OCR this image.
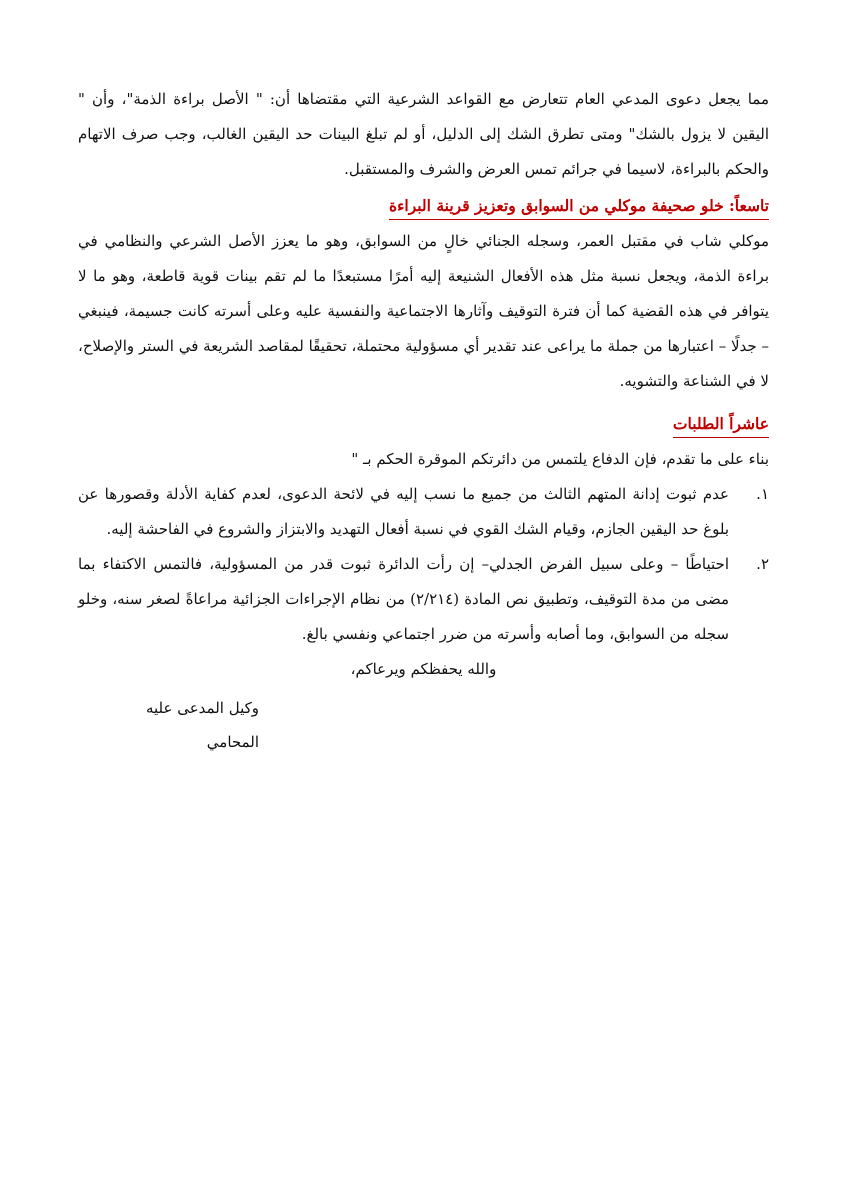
مما يجعل دعوى المدعي العام تتعارض مع القواعد الشرعية التي مقتضاها أن: " الأصل براءة الذمة"، وأن " اليقين لا يزول بالشك" ومتى تطرق الشك إلى الدليل، أو لم تبلغ البينات حد اليقين الغالب، وجب صرف الاتهام والحكم بالبراءة، لاسيما في جرائم تمس العرض والشرف والمستقبل.

تاسعاً: خلو صحيفة موكلي من السوابق وتعزيز قرينة البراءة

موكلي شاب في مقتبل العمر، وسجله الجنائي خالٍ من السوابق، وهو ما يعزز الأصل الشرعي والنظامي في براءة الذمة، ويجعل نسبة مثل هذه الأفعال الشنيعة إليه أمرًا مستبعدًا ما لم تقم بينات قوية قاطعة، وهو ما لا يتوافر في هذه القضية كما أن فترة التوقيف وآثارها الاجتماعية والنفسية عليه وعلى أسرته كانت جسيمة، فينبغي – جدلًا – اعتبارها من جملة ما يراعى عند تقدير أي مسؤولية محتملة، تحقيقًا لمقاصد الشريعة في الستر والإصلاح، لا في الشناعة والتشويه.

عاشراً الطلبات

بناء على ما تقدم، فإن الدفاع يلتمس من دائرتكم الموقرة الحكم بـ "

١.
عدم ثبوت إدانة المتهم الثالث من جميع ما نسب إليه في لائحة الدعوى، لعدم كفاية الأدلة وقصورها عن بلوغ حد اليقين الجازم، وقيام الشك القوي في نسبة أفعال التهديد والابتزاز والشروع في الفاحشة إليه.
٢.
احتياطًا – وعلى سبيل الفرض الجدلي– إن رأت الدائرة ثبوت قدر من المسؤولية، فالتمس الاكتفاء بما مضى من مدة التوقيف، وتطبيق نص المادة (٢/٢١٤) من نظام الإجراءات الجزائية مراعاةً لصغر سنه، وخلو سجله من السوابق، وما أصابه وأسرته من ضرر اجتماعي ونفسي بالغ.

والله يحفظكم ويرعاكم،

وكيل المدعى عليه
المحامي
